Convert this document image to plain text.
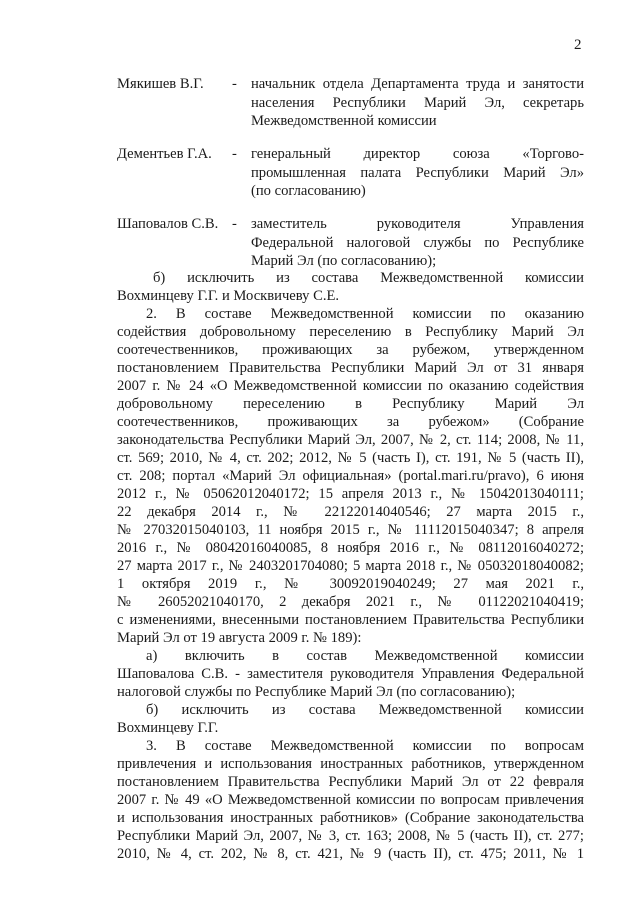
2
Мякишев В.Г. - начальник отдела Департамента труда и занятости
населения Республики Марий Эл, секретарь
Межведомственной комиссии
Дементьев Г.А. - генеральный директор союза «Торгово-
промышленная палата Республики Марий Эл»
(по согласованию)
Шаповалов С.В. - заместитель руководителя Управления
Федеральной налоговой службы по Республике
Марий Эл (по согласованию);
б) исключить из состава Межведомственной комиссии
Вохминцеву Г.Г. и Москвичеву С.Е.
2. В составе Межведомственной комиссии по оказанию
содействия добровольному переселению в Республику Марий Эл
соотечественников, проживающих за рубежом, утвержденном
постановлением Правительства Республики Марий Эл от 31 января
2007 г. № 24 «О Межведомственной комиссии по оказанию содействия
добровольному переселению в Республику Марий Эл
соотечественников, проживающих за рубежом» (Собрание
законодательства Республики Марий Эл, 2007, № 2, ст. 114; 2008, № 11,
ст. 569; 2010, № 4, ст. 202; 2012, № 5 (часть I), ст. 191, № 5 (часть II),
ст. 208; портал «Марий Эл официальная» (portal.mari.ru/pravo), 6 июня
2012 г., № 05062012040172; 15 апреля 2013 г., № 15042013040111;
22 декабря 2014 г., № 22122014040546; 27 марта 2015 г.,
№ 27032015040103, 11 ноября 2015 г., № 11112015040347; 8 апреля
2016 г., № 08042016040085, 8 ноября 2016 г., № 08112016040272;
27 марта 2017 г., № 2403201704080; 5 марта 2018 г., № 05032018040082;
1 октября 2019 г., № 30092019040249; 27 мая 2021 г.,
№ 26052021040170, 2 декабря 2021 г., № 01122021040419;
с изменениями, внесенными постановлением Правительства Республики
Марий Эл от 19 августа 2009 г. № 189):
а) включить в состав Межведомственной комиссии
Шаповалова С.В. - заместителя руководителя Управления Федеральной
налоговой службы по Республике Марий Эл (по согласованию);
б) исключить из состава Межведомственной комиссии
Вохминцеву Г.Г.
3. В составе Межведомственной комиссии по вопросам
привлечения и использования иностранных работников, утвержденном
постановлением Правительства Республики Марий Эл от 22 февраля
2007 г. № 49 «О Межведомственной комиссии по вопросам привлечения
и использования иностранных работников» (Собрание законодательства
Республики Марий Эл, 2007, № 3, ст. 163; 2008, № 5 (часть II), ст. 277;
2010, № 4, ст. 202, № 8, ст. 421, № 9 (часть II), ст. 475; 2011, № 1
